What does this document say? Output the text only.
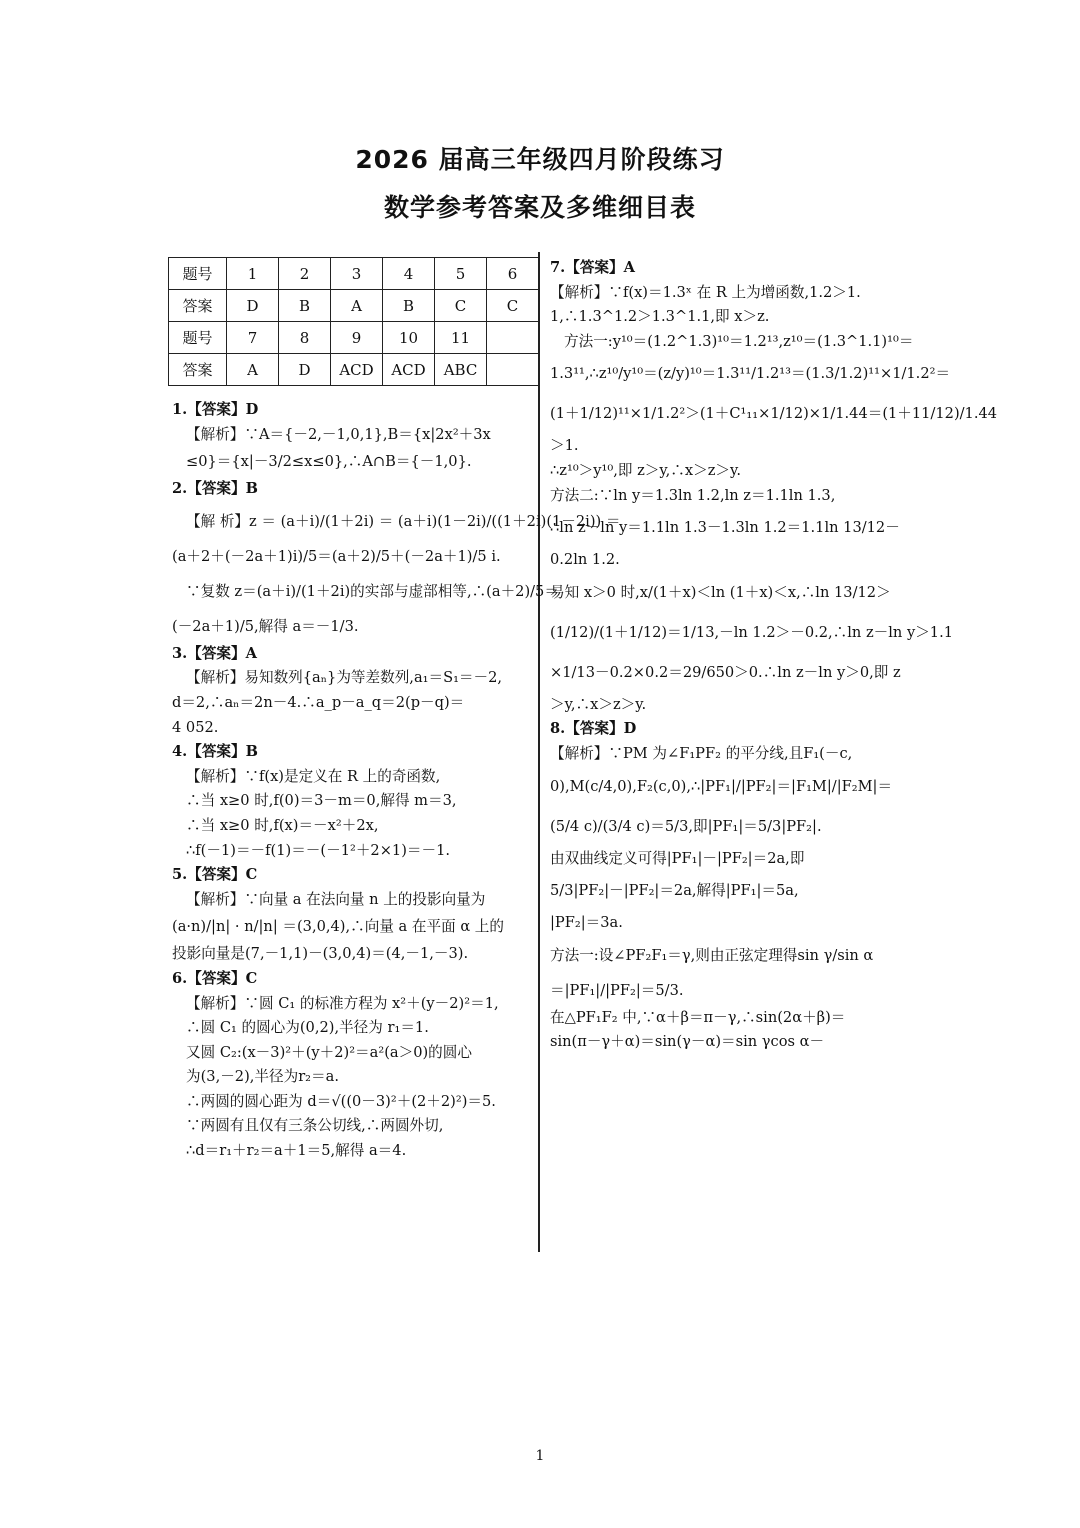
2026 届高三年级四月阶段练习
数学参考答案及多维细目表
题号	1	2	3	4	5	6
答案	D	B	A	B	C	C
题号	7	8	9	10	11	
答案	A	D	ACD	ACD	ABC	

1.【答案】D

【解析】∵A＝{－2,－1,0,1},B＝{x|2x²＋3x

≤0}＝{x|－3/2≤x≤0},∴A∩B＝{－1,0}.

2.【答案】B

【解 析】z ＝ (a＋i)/(1＋2i) ＝ (a＋i)(1－2i)/((1＋2i)(1－2i)) ＝

(a＋2＋(－2a＋1)i)/5＝(a＋2)/5＋(－2a＋1)/5 i.

∵复数 z＝(a＋i)/(1＋2i)的实部与虚部相等,∴(a＋2)/5＝

(－2a＋1)/5,解得 a＝－1/3.

3.【答案】A

【解析】易知数列{aₙ}为等差数列,a₁＝S₁＝－2,

d＝2,∴aₙ＝2n－4.∴a_p－a_q＝2(p－q)＝

4 052.

4.【答案】B

【解析】∵f(x)是定义在 R 上的奇函数,

∴当 x≥0 时,f(0)＝3－m＝0,解得 m＝3,

∴当 x≥0 时,f(x)＝－x²＋2x,

∴f(－1)＝－f(1)＝－(－1²＋2×1)＝－1.

5.【答案】C

【解析】∵向量 a 在法向量 n 上的投影向量为

(a·n)/|n| · n/|n| ＝(3,0,4),∴向量 a 在平面 α 上的

投影向量是(7,－1,1)－(3,0,4)＝(4,－1,－3).

6.【答案】C

【解析】∵圆 C₁ 的标准方程为 x²＋(y－2)²＝1,

∴圆 C₁ 的圆心为(0,2),半径为 r₁＝1.

又圆 C₂:(x－3)²＋(y＋2)²＝a²(a＞0)的圆心

为(3,－2),半径为r₂＝a.

∴两圆的圆心距为 d＝√((0－3)²＋(2＋2)²)＝5.

∵两圆有且仅有三条公切线,∴两圆外切,

∴d＝r₁＋r₂＝a＋1＝5,解得 a＝4.

7.【答案】A

【解析】∵f(x)＝1.3ˣ 在 R 上为增函数,1.2＞1.

1,∴1.3^1.2＞1.3^1.1,即 x＞z.

方法一:y¹⁰＝(1.2^1.3)¹⁰＝1.2¹³,z¹⁰＝(1.3^1.1)¹⁰＝

1.3¹¹,∴z¹⁰/y¹⁰＝(z/y)¹⁰＝1.3¹¹/1.2¹³＝(1.3/1.2)¹¹×1/1.2²＝

(1＋1/12)¹¹×1/1.2²＞(1＋C¹₁₁×1/12)×1/1.44＝(1＋11/12)/1.44

＞1.

∴z¹⁰＞y¹⁰,即 z＞y,∴x＞z＞y.

方法二:∵ln y＝1.3ln 1.2,ln z＝1.1ln 1.3,

∴ln z－ln y＝1.1ln 1.3－1.3ln 1.2＝1.1ln 13/12－

0.2ln 1.2.

易知 x＞0 时,x/(1＋x)＜ln (1＋x)＜x,∴ln 13/12＞

(1/12)/(1＋1/12)＝1/13,－ln 1.2＞－0.2,∴ln z－ln y＞1.1

×1/13－0.2×0.2＝29/650＞0.∴ln z－ln y＞0,即 z

＞y,∴x＞z＞y.

8.【答案】D

【解析】∵PM 为∠F₁PF₂ 的平分线,且F₁(－c,

0),M(c/4,0),F₂(c,0),∴|PF₁|/|PF₂|＝|F₁M|/|F₂M|＝

(5/4 c)/(3/4 c)＝5/3,即|PF₁|＝5/3|PF₂|.

由双曲线定义可得|PF₁|－|PF₂|＝2a,即

5/3|PF₂|－|PF₂|＝2a,解得|PF₁|＝5a,

|PF₂|＝3a.

方法一:设∠PF₂F₁＝γ,则由正弦定理得sin γ/sin α

＝|PF₁|/|PF₂|＝5/3.

在△PF₁F₂ 中,∵α＋β＝π－γ,∴sin(2α＋β)＝

sin(π－γ＋α)＝sin(γ－α)＝sin γcos α－

1
